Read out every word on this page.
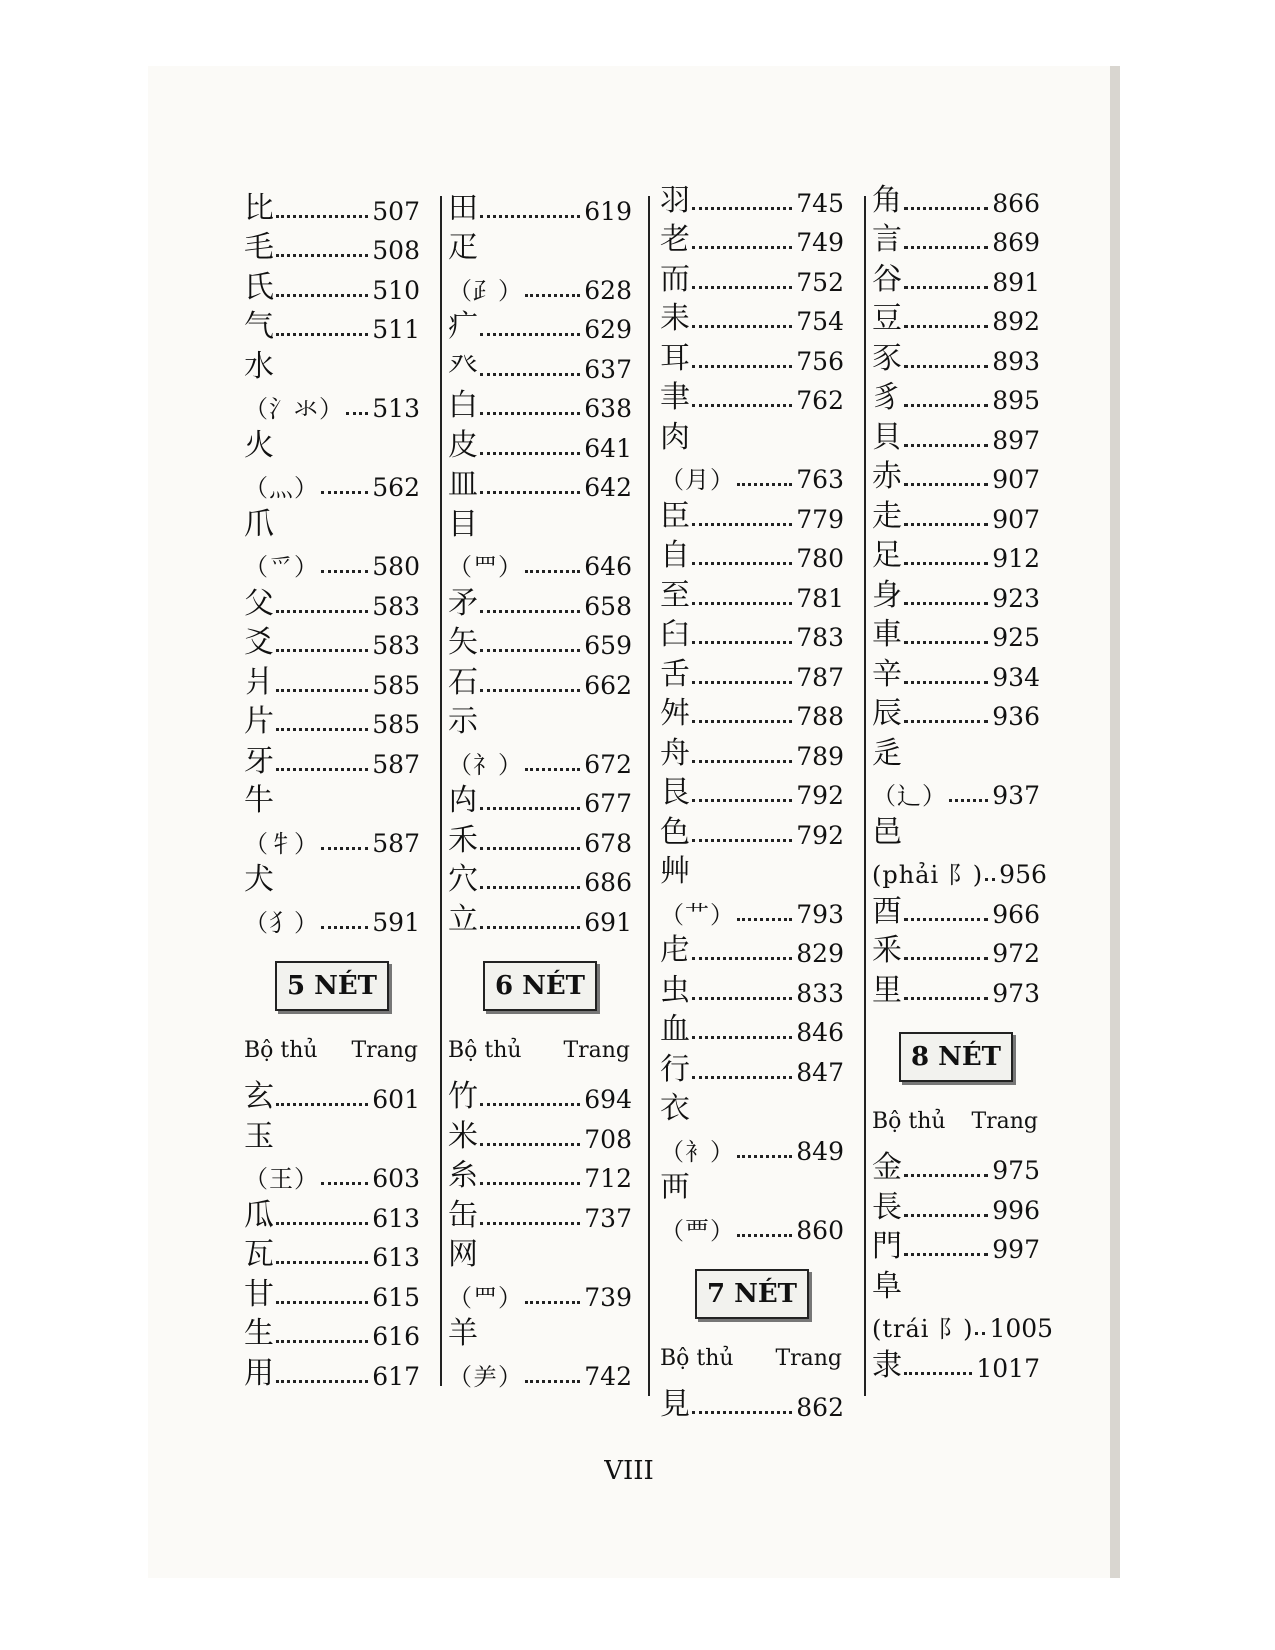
比	507
毛	508
氏	510
气	511
水
（氵氺） 513
火
（灬） 562
爪
（爫） 580
父	583
爻	583
爿	585
片	585
牙	587
牛
（牜） 587
犬
（犭） 591
5 NÉT
Bộ thủ Trang
玄	601
玉
（王） 603
瓜	613
瓦	613
甘	615
生	616
用	617
田	619
疋
（⺪） 628
疒	629
癶	637
白	638
皮	641
皿	642
目
（罒） 646
矛	658
矢	659
石	662
示
（礻） 672
禸	677
禾	678
穴	686
立	691
6 NÉT
Bộ thủ Trang
竹	694
米	708
糸	712
缶	737
网
（罒） 739
羊
（⺶） 742
羽	745
老	749
而	752
耒	754
耳	756
聿	762
肉
（月） 763
臣	779
自	780
至	781
臼	783
舌	787
舛	788
舟	789
艮	792
色	792
艸
（艹） 793
虍	829
虫	833
血	846
行	847
衣
（衤） 849
襾
（覀） 860
7 NÉT
Bộ thủ Trang
見	862
角	866
言	869
谷	891
豆	892
豕	893
豸	895
貝	897
赤	907
走	907
足	912
身	923
車	925
辛	934
辰	936
辵
（辶） 937
邑
(phải 阝) 956
酉	966
釆	972
里	973
8 NÉT
Bộ thủ Trang
金	975
長	996
門	997
阜
(trái 阝) 1005
隶	1017
VIII
